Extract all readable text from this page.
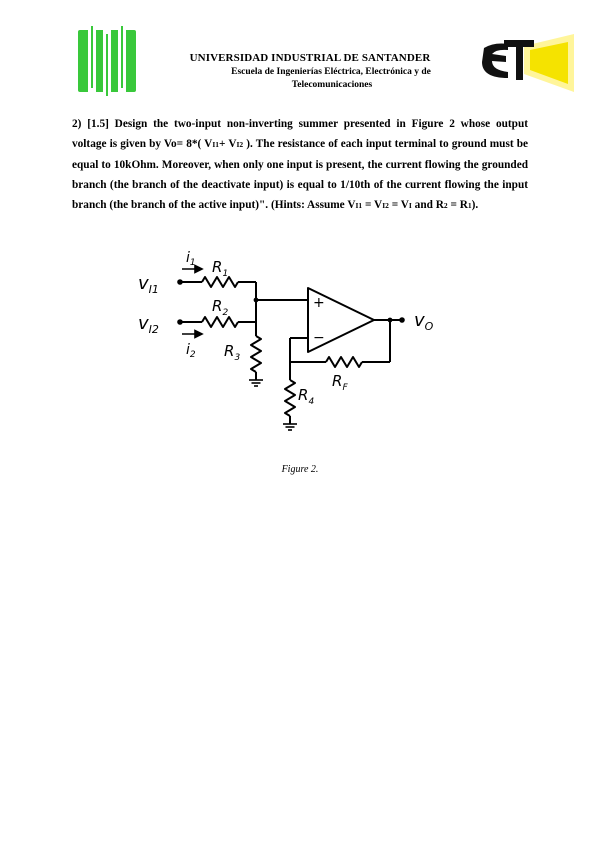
UNIVERSIDAD INDUSTRIAL DE SANTANDER
Escuela de Ingenierías Eléctrica, Electrónica y de
Telecomunicaciones

2) [1.5] Design the two-input non-inverting summer presented in Figure 2 whose output voltage is given by Vo= 8*( VI1+ VI2 ). The resistance of each input terminal to ground must be equal to 10kOhm. Moreover, when only one input is present, the current flowing the grounded branch (the branch of the deactivate input) is equal to 1/10th of the current flowing the input branch (the branch of the active input)". (Hints: Assume VI1 = VI2 = VI and R2 = R1).

+
−
$i_1$
$i_2$
$v_{I1}$
$v_{I2}$
$R_1$
$R_2$
$R_3$
$R_4$
$R_F$
$v_O$
Figure 2.
